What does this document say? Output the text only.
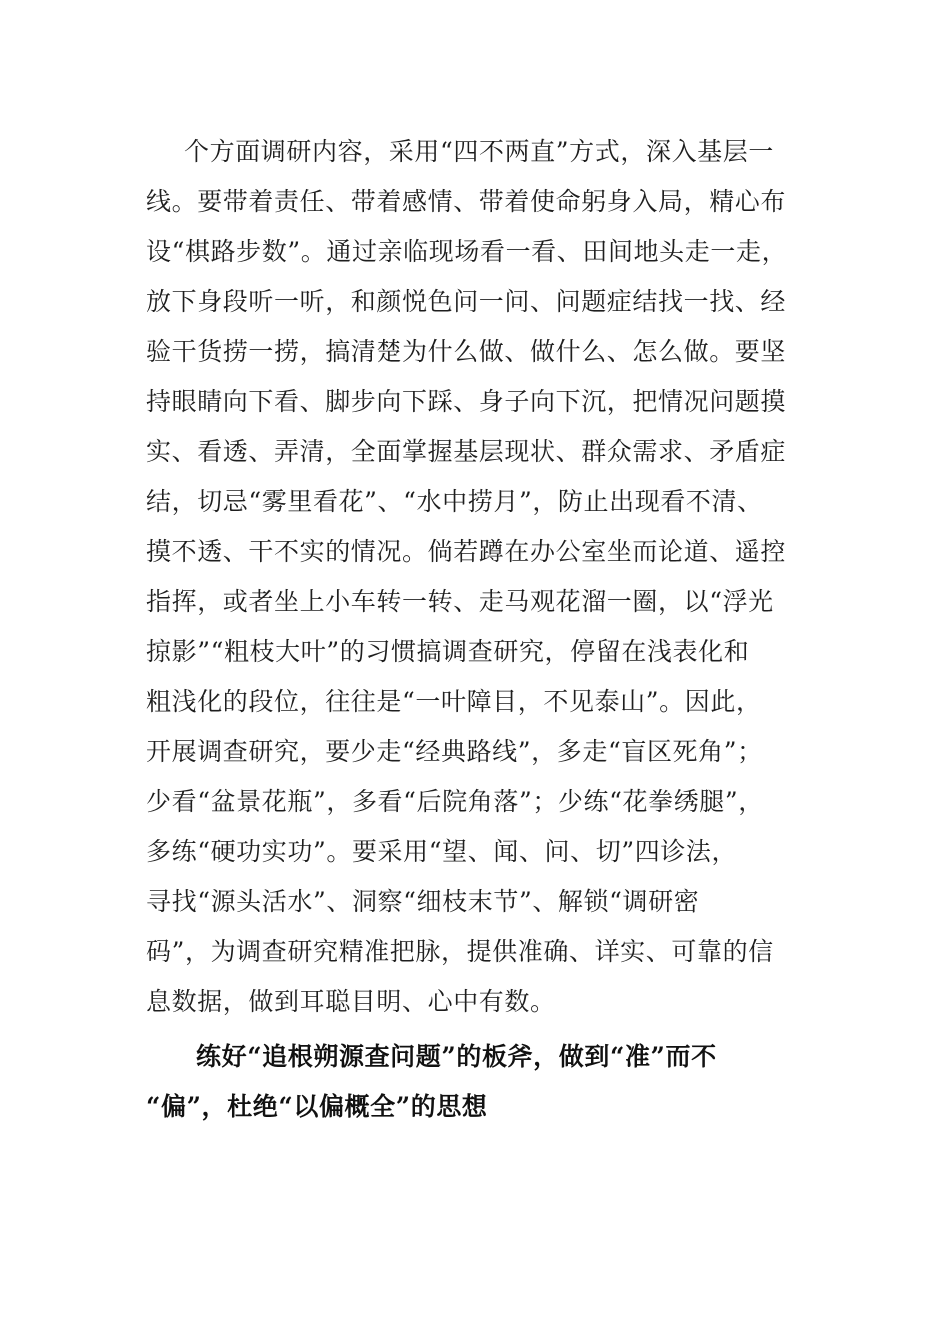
个方面调研内容，采用“四不两直”方式，深入基层一
线。要带着责任、带着感情、带着使命躬身入局，精心布
设“棋路步数”。通过亲临现场看一看、田间地头走一走，
放下身段听一听，和颜悦色问一问、问题症结找一找、经
验干货捞一捞，搞清楚为什么做、做什么、怎么做。要坚
持眼睛向下看、脚步向下踩、身子向下沉，把情况问题摸
实、看透、弄清，全面掌握基层现状、群众需求、矛盾症
结，切忌“雾里看花”、“水中捞月”，防止出现看不清、
摸不透、干不实的情况。倘若蹲在办公室坐而论道、遥控
指挥，或者坐上小车转一转、走马观花溜一圈，以“浮光
掠影”“粗枝大叶”的习惯搞调查研究，停留在浅表化和
粗浅化的段位，往往是“一叶障目，不见泰山”。因此，
开展调查研究，要少走“经典路线”，多走“盲区死角”；
少看“盆景花瓶”，多看“后院角落”；少练“花拳绣腿”，
多练“硬功实功”。要采用“望、闻、问、切”四诊法，
寻找“源头活水”、洞察“细枝末节”、解锁“调研密
码”，为调查研究精准把脉，提供准确、详实、可靠的信
息数据，做到耳聪目明、心中有数。
练好“追根朔源查问题”的板斧，做到“准”而不
“偏”，杜绝“以偏概全”的思想
